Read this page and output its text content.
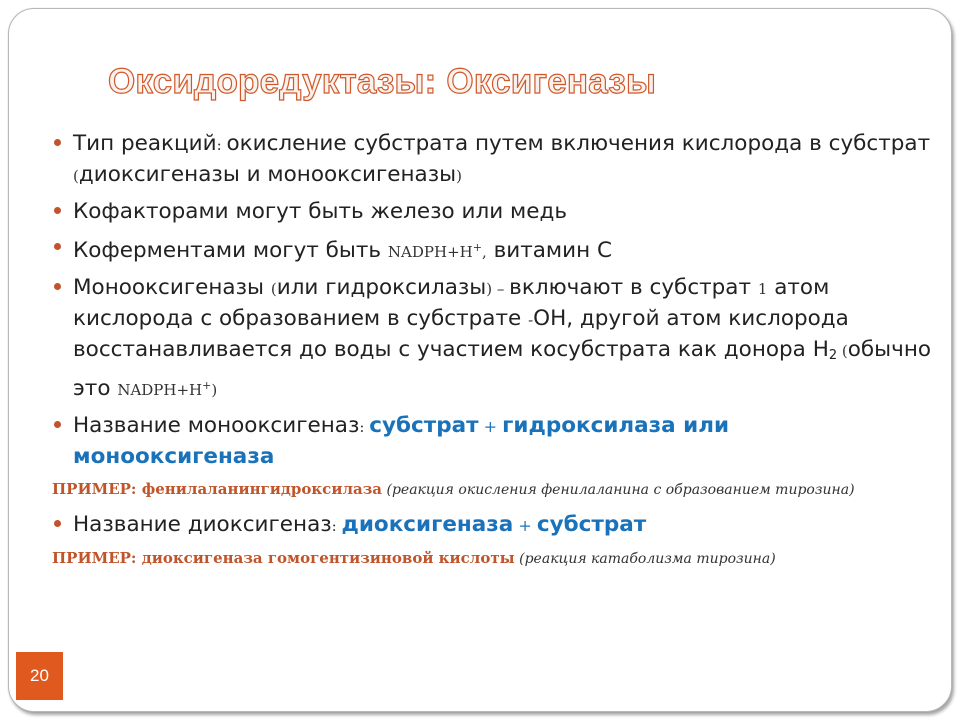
Оксидоредуктазы: Оксигеназы
Тип реакций: окисление субстрата путем включения кислорода в субстрат (диоксигеназы и монооксигеназы)
Кофакторами могут быть железо или медь
Коферментами могут быть NADPH+H+, витамин С
Монооксигеназы (или гидроксилазы) – включают в субстрат 1 атом кислорода с образованием в субстрате -ОН, другой атом кислорода восстанавливается до воды с участием косубстрата как донора $Н_2$ (обычно это NADPH+H+)
Название монооксигеназ: субстрат + гидроксилаза или монооксигеназа
ПРИМЕР: фенилаланингидроксилаза (реакция окисления фенилаланина с образованием тирозина)
Название диоксигеназ: диоксигеназа + субстрат
ПРИМЕР: диоксигеназа гомогентизиновой кислоты (реакция катаболизма тирозина)
20
